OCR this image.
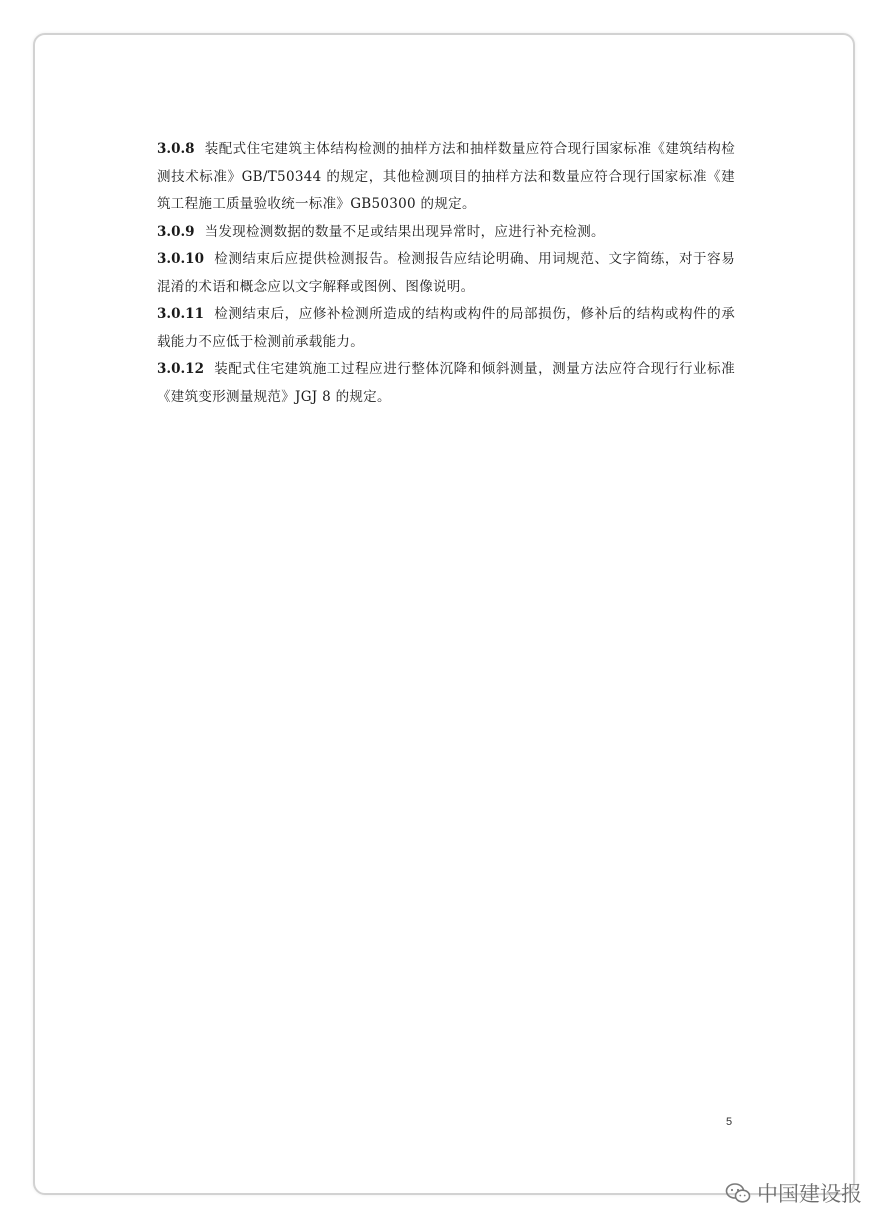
3.0.8 装配式住宅建筑主体结构检测的抽样方法和抽样数量应符合现行国家标准《建筑结构检测技术标准》GB/T50344 的规定，其他检测项目的抽样方法和数量应符合现行国家标准《建筑工程施工质量验收统一标准》GB50300 的规定。

3.0.9 当发现检测数据的数量不足或结果出现异常时，应进行补充检测。

3.0.10 检测结束后应提供检测报告。检测报告应结论明确、用词规范、文字简练，对于容易混淆的术语和概念应以文字解释或图例、图像说明。

3.0.11 检测结束后，应修补检测所造成的结构或构件的局部损伤，修补后的结构或构件的承载能力不应低于检测前承载能力。

3.0.12 装配式住宅建筑施工过程应进行整体沉降和倾斜测量，测量方法应符合现行行业标准《建筑变形测量规范》JGJ 8 的规定。

5
中国建设报
